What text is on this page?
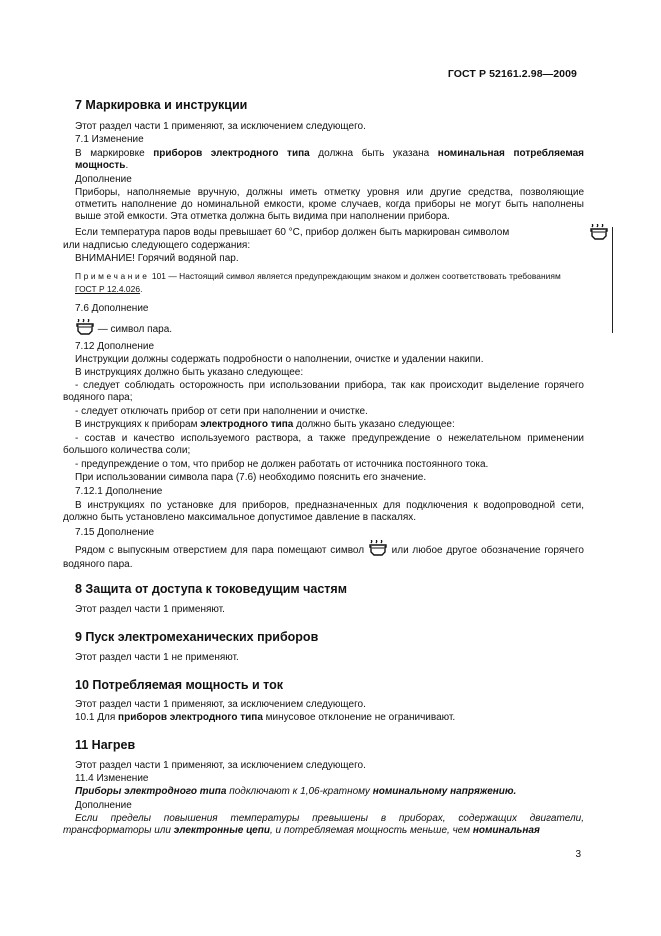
ГОСТ Р 52161.2.98—2009
7 Маркировка и инструкции
Этот раздел части 1 применяют, за исключением следующего.
7.1 Изменение
В маркировке приборов электродного типа должна быть указана номинальная потребляемая мощность.
Дополнение
Приборы, наполняемые вручную, должны иметь отметку уровня или другие средства, позволяющие отметить наполнение до номинальной емкости, кроме случаев, когда приборы не могут быть наполнены выше этой емкости. Эта отметка должна быть видима при наполнении прибора.
Если температура паров воды превышает 60 °С, прибор должен быть маркирован символом
или надписью следующего содержания:
ВНИМАНИЕ! Горячий водяной пар.
Примечание 101 — Настоящий символ является предупреждающим знаком и должен соответствовать требованиям ГОСТ Р 12.4.026.
7.6 Дополнение
— символ пара.
7.12 Дополнение
Инструкции должны содержать подробности о наполнении, очистке и удалении накипи.
В инструкциях должно быть указано следующее:
- следует соблюдать осторожность при использовании прибора, так как происходит выделение горячего водяного пара;
- следует отключать прибор от сети при наполнении и очистке.
В инструкциях к приборам электродного типа должно быть указано следующее:
- состав и качество используемого раствора, а также предупреждение о нежелательном применении большого количества соли;
- предупреждение о том, что прибор не должен работать от источника постоянного тока.
При использовании символа пара (7.6) необходимо пояснить его значение.
7.12.1 Дополнение
В инструкциях по установке для приборов, предназначенных для подключения к водопроводной сети, должно быть установлено максимальное допустимое давление в паскалях.
7.15 Дополнение
Рядом с выпускным отверстием для пара помещают символ  или любое другое обозначение горячего водяного пара.
8 Защита от доступа к токоведущим частям
Этот раздел части 1 применяют.
9 Пуск электромеханических приборов
Этот раздел части 1 не применяют.
10 Потребляемая мощность и ток
Этот раздел части 1 применяют, за исключением следующего.
10.1 Для приборов электродного типа минусовое отклонение не ограничивают.
11 Нагрев
Этот раздел части 1 применяют, за исключением следующего.
11.4 Изменение
Приборы электродного типа подключают к 1,06-кратному номинальному напряжению.
Дополнение
Если пределы повышения температуры превышены в приборах, содержащих двигатели, трансформаторы или электронные цепи, и потребляемая мощность меньше, чем номинальная
3
